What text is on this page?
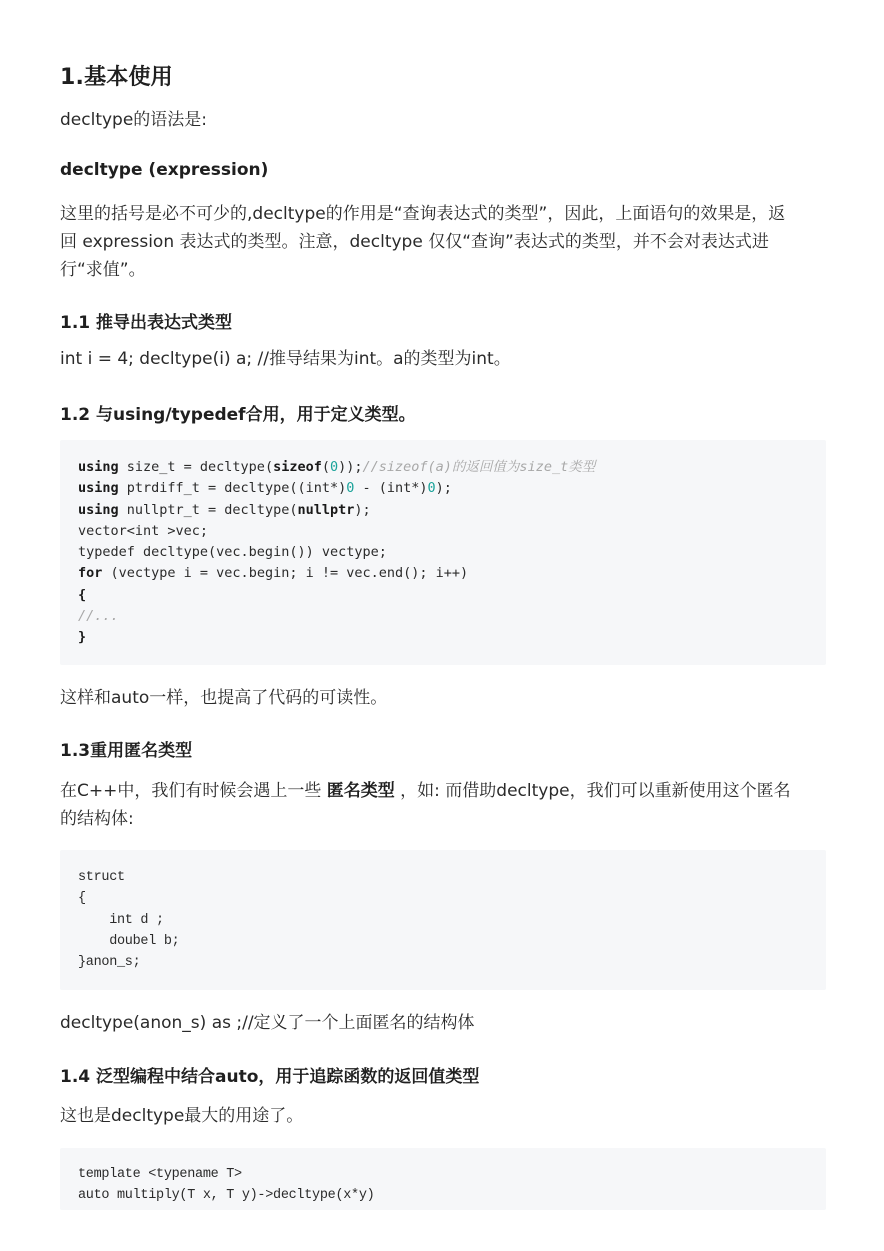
1.基本使用

decltype的语法是:

decltype (expression)

这里的括号是必不可少的,decltype的作用是“查询表达式的类型”，因此，上面语句的效果是，返

回 expression 表达式的类型。注意，decltype 仅仅“查询”表达式的类型，并不会对表达式进

行“求值”。

1.1 推导出表达式类型

int i = 4; decltype(i) a; //推导结果为int。a的类型为int。

1.2 与using/typedef合用，用于定义类型。

using size_t = decltype(sizeof(0));//sizeof(a)的返回值为size_t类型
using ptrdiff_t = decltype((int*)0 - (int*)0);
using nullptr_t = decltype(nullptr);
vector<int >vec;
typedef decltype(vec.begin()) vectype;
for (vectype i = vec.begin; i != vec.end(); i++)
{
//...
}

这样和auto一样，也提高了代码的可读性。

1.3重用匿名类型

在C++中，我们有时候会遇上一些 匿名类型 ，如: 而借助decltype，我们可以重新使用这个匿名

的结构体:

struct
{
int d ;
doubel b;
}anon_s;

decltype(anon_s) as ;//定义了一个上面匿名的结构体

1.4 泛型编程中结合auto，用于追踪函数的返回值类型

这也是decltype最大的用途了。

template <typename T>
auto multiply(T x, T y)->decltype(x*y)
